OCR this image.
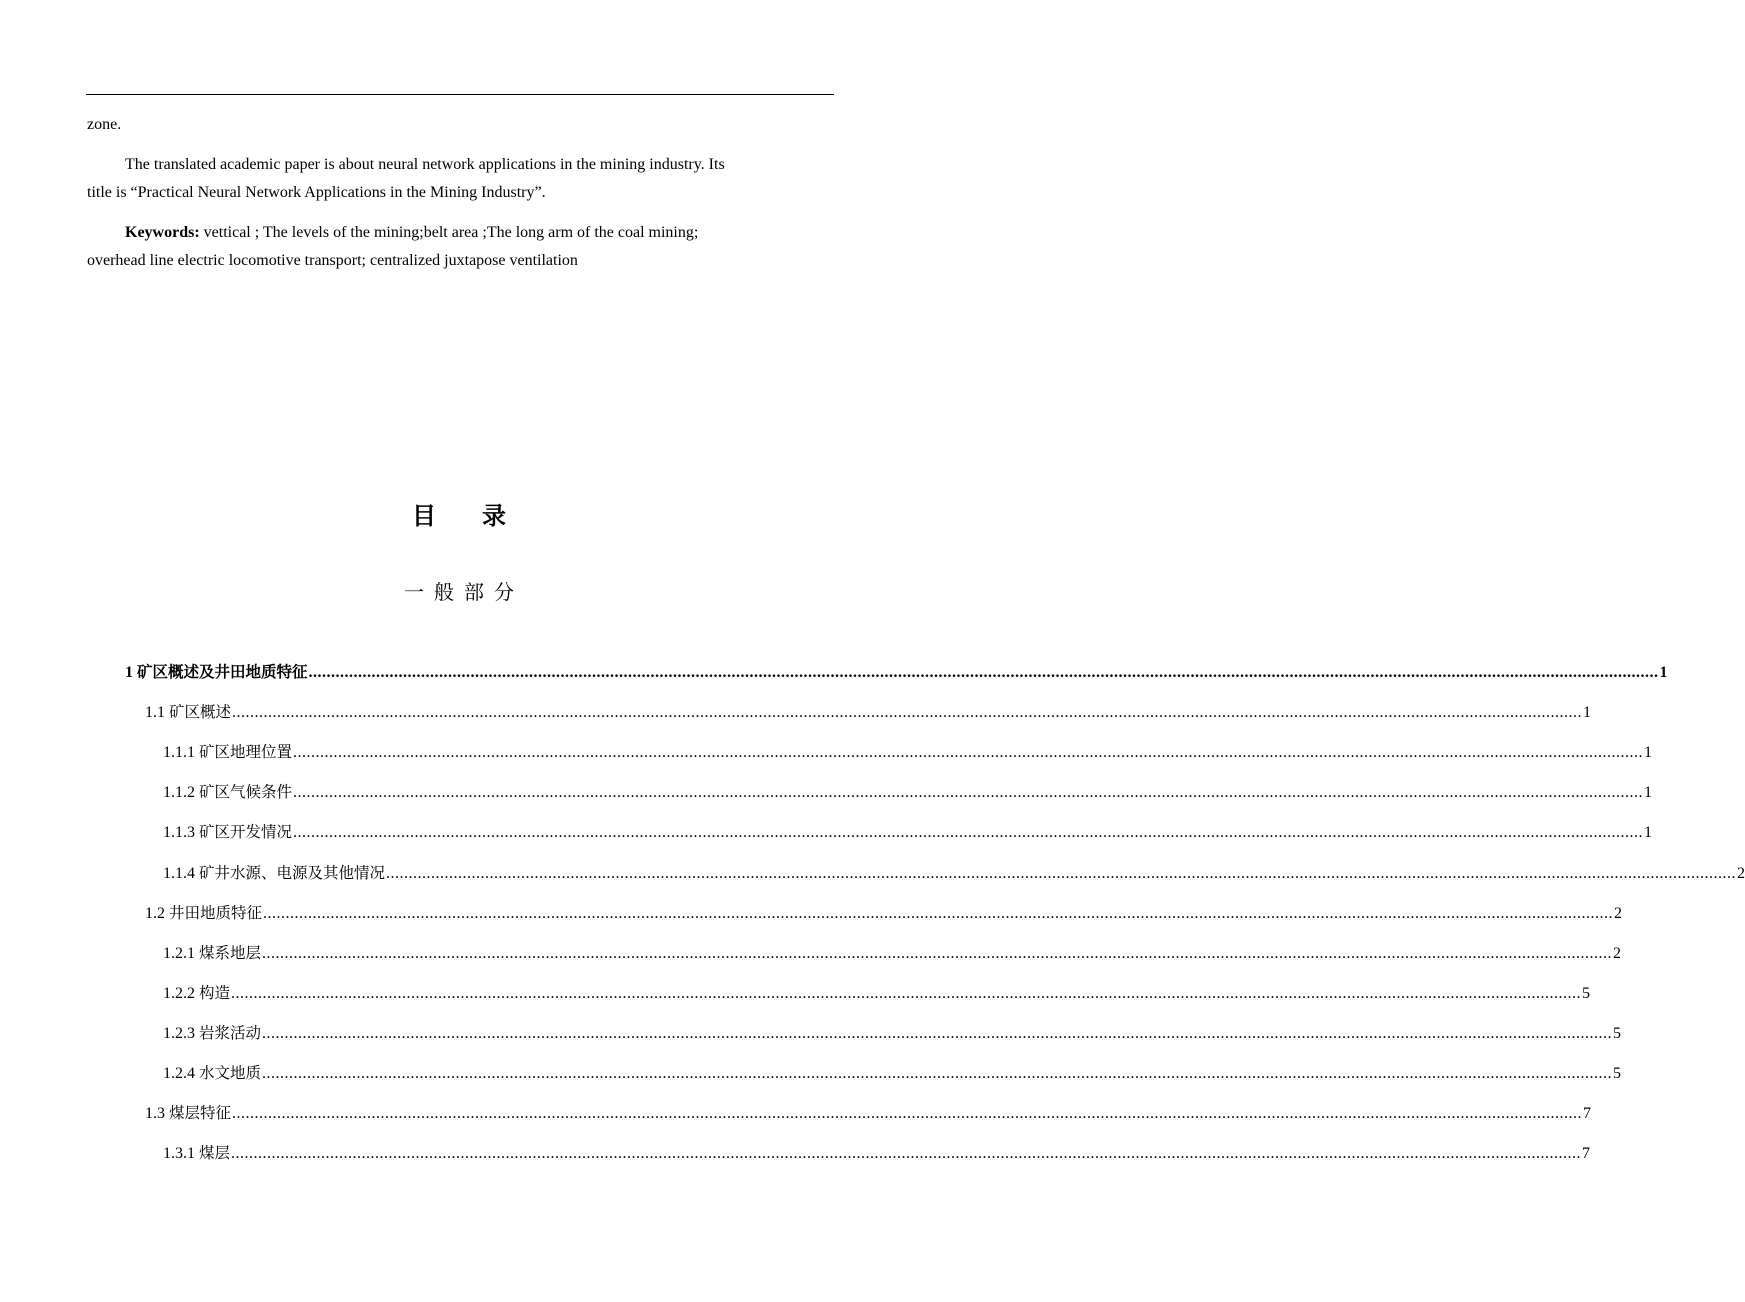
zone.
The translated academic paper is about neural network applications in the mining industry. Its
title is “Practical Neural Network Applications in the Mining Industry”.
Keywords: vettical ; The levels of the mining;belt area ;The long arm of the coal mining;
overhead line electric locomotive transport; centralized juxtapose ventilation
目 录
一般部分
1 矿区概述及井田地质特征 ............................................................................................................................................................................................................................................................................................................ 1
1.1 矿区概述 ............................................................................................................................................................................................................................................................................................................ 1
1.1.1 矿区地理位置 ............................................................................................................................................................................................................................................................................................................ 1
1.1.2 矿区气候条件 ............................................................................................................................................................................................................................................................................................................ 1
1.1.3 矿区开发情况 ............................................................................................................................................................................................................................................................................................................ 1
1.1.4 矿井水源、电源及其他情况 ............................................................................................................................................................................................................................................................................................................ 2
1.2 井田地质特征 ............................................................................................................................................................................................................................................................................................................ 2
1.2.1 煤系地层 ............................................................................................................................................................................................................................................................................................................ 2
1.2.2 构造 ............................................................................................................................................................................................................................................................................................................ 5
1.2.3 岩浆活动 ............................................................................................................................................................................................................................................................................................................ 5
1.2.4 水文地质 ............................................................................................................................................................................................................................................................................................................ 5
1.3 煤层特征 ............................................................................................................................................................................................................................................................................................................ 7
1.3.1 煤层 ............................................................................................................................................................................................................................................................................................................ 7
